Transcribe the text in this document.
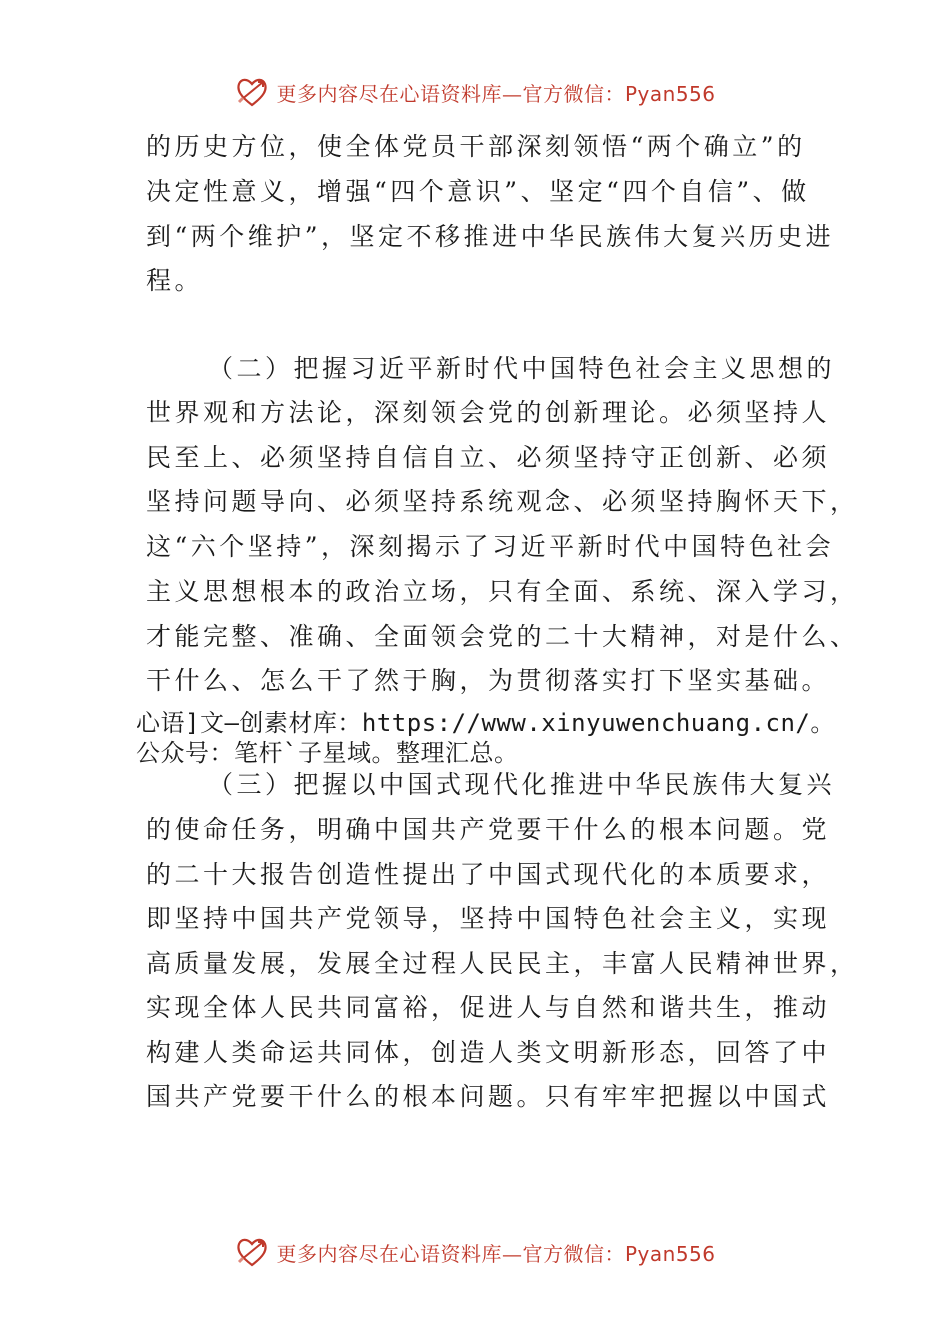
更多内容尽在心语资料库—官方微信：Pyan556
的历史方位，使全体党员干部深刻领悟“两个确立”的
决定性意义，增强“四个意识”、坚定“四个自信”、做
到“两个维护”，坚定不移推进中华民族伟大复兴历史进
程。
（二）把握习近平新时代中国特色社会主义思想的
世界观和方法论，深刻领会党的创新理论。必须坚持人
民至上、必须坚持自信自立、必须坚持守正创新、必须
坚持问题导向、必须坚持系统观念、必须坚持胸怀天下，
这“六个坚持”，深刻揭示了习近平新时代中国特色社会
主义思想根本的政治立场，只有全面、系统、深入学习，
才能完整、准确、全面领会党的二十大精神，对是什么、
干什么、怎么干了然于胸，为贯彻落实打下坚实基础。
心语]文—创素材库：https://www.xinyuwenchuang.cn/。
公众号：笔杆`子星域。整理汇总。
（三）把握以中国式现代化推进中华民族伟大复兴
的使命任务，明确中国共产党要干什么的根本问题。党
的二十大报告创造性提出了中国式现代化的本质要求，
即坚持中国共产党领导，坚持中国特色社会主义，实现
高质量发展，发展全过程人民民主，丰富人民精神世界，
实现全体人民共同富裕，促进人与自然和谐共生，推动
构建人类命运共同体，创造人类文明新形态，回答了中
国共产党要干什么的根本问题。只有牢牢把握以中国式
更多内容尽在心语资料库—官方微信：Pyan556
